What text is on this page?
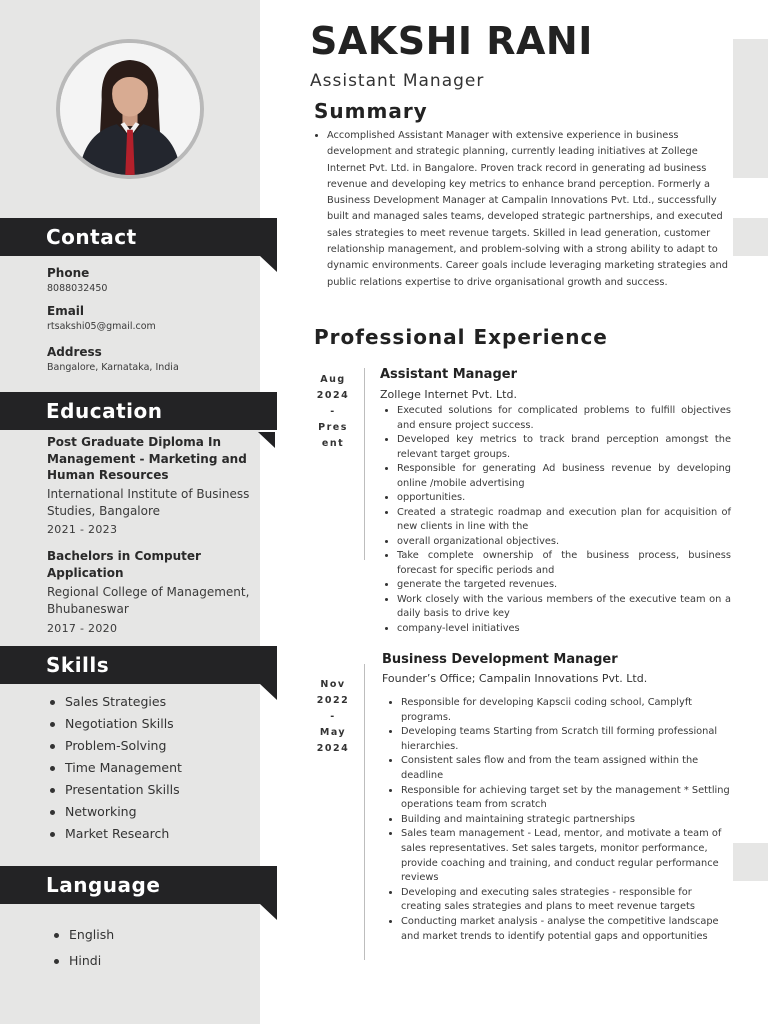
Contact
Phone
8088032450
Email
rtsakshi05@gmail.com
Address
Bangalore, Karnataka, India
Education
Post Graduate Diploma In Management - Marketing and Human Resources
International Institute of Business Studies, Bangalore
2021 - 2023
Bachelors in Computer Application
Regional College of Management, Bhubaneswar
2017 - 2020
Skills
Sales Strategies
Negotiation Skills
Problem-Solving
Time Management
Presentation Skills
Networking
Market Research
Language
English
Hindi
SAKSHI RANI
Assistant Manager
Summary
Accomplished Assistant Manager with extensive experience in business development and strategic planning, currently leading initiatives at Zollege Internet Pvt. Ltd. in Bangalore. Proven track record in generating ad business revenue and developing key metrics to enhance brand perception. Formerly a Business Development Manager at Campalin Innovations Pvt. Ltd., successfully built and managed sales teams, developed strategic partnerships, and executed sales strategies to meet revenue targets. Skilled in lead generation, customer relationship management, and problem-solving with a strong ability to adapt to dynamic environments. Career goals include leveraging marketing strategies and public relations expertise to drive organisational growth and success.
Professional Experience
Aug
2024
-
Pres
ent
Assistant Manager
Zollege Internet Pvt. Ltd.
Executed solutions for complicated problems to fulfill objectives and ensure project success.
Developed key metrics to track brand perception amongst the relevant target groups.
Responsible for generating Ad business revenue by developing online /mobile advertising
opportunities.
Created a strategic roadmap and execution plan for acquisition of new clients in line with the
overall organizational objectives.
Take complete ownership of the business process, business forecast for specific periods and
generate the targeted revenues.
Work closely with the various members of the executive team on a daily basis to drive key
company-level initiatives
Nov
2022
-
May
2024
Business Development Manager
Founder’s Office; Campalin Innovations Pvt. Ltd.
Responsible for developing Kapscii coding school, Camplyft programs.
Developing teams Starting from Scratch till forming professional hierarchies.
Consistent sales flow and from the team assigned within the deadline
Responsible for achieving target set by the management * Settling operations team from scratch
Building and maintaining strategic partnerships
Sales team management - Lead, mentor, and motivate a team of sales representatives. Set sales targets, monitor performance, provide coaching and training, and conduct regular performance reviews
Developing and executing sales strategies - responsible for creating sales strategies and plans to meet revenue targets
Conducting market analysis - analyse the competitive landscape and market trends to identify potential gaps and opportunities
